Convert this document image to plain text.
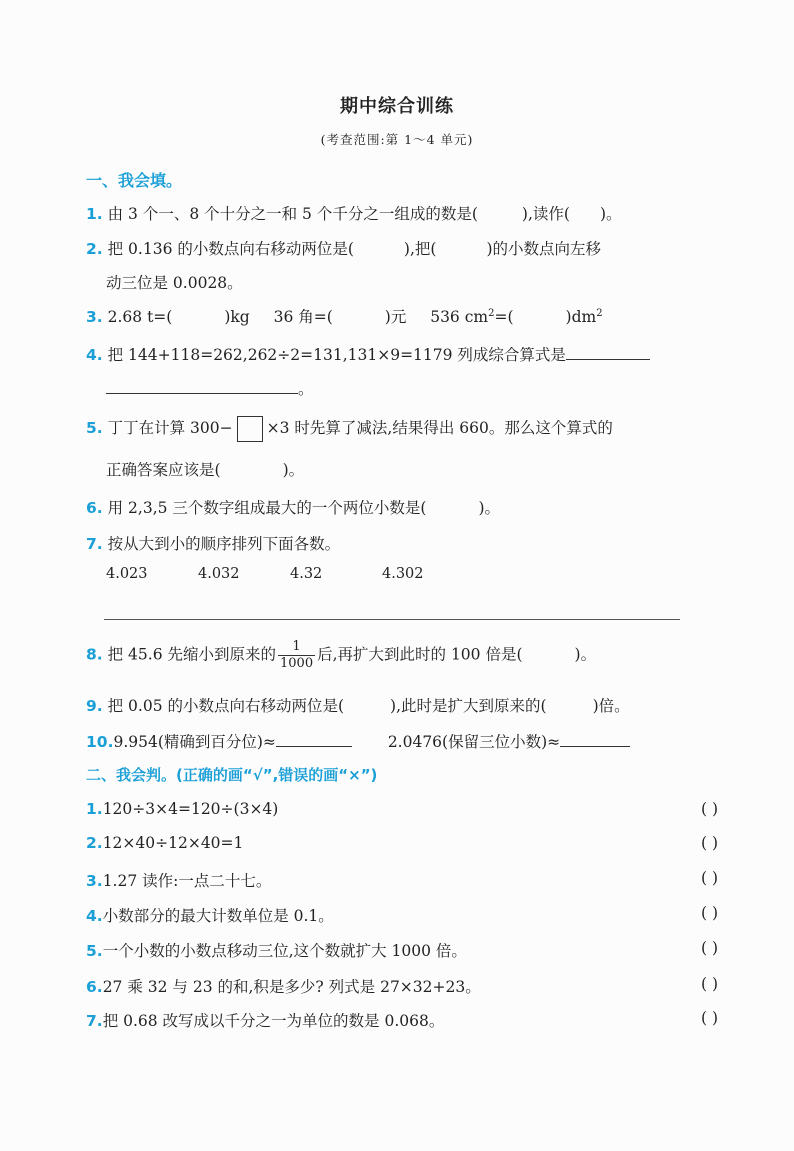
期中综合训练
(考查范围:第 1～4 单元)
一、我会填。
1. 由 3 个一、8 个十分之一和 5 个千分之一组成的数是(	),读作( )。
2. 把 0.136 的小数点向右移动两位是(	),把(	)的小数点向左移
动三位是 0.0028。
3. 2.68 t=(	)kg 36 角=(	)元 536 $cm^2=$(	)$dm^2$
4. 把 144+118=262,262÷2=131,131×9=1179 列成综合算式是
。
5. 丁丁在计算 300− ×3 时先算了减法,结果得出 660。那么这个算式的
正确答案应该是(	)。
6. 用 2,3,5 三个数字组成最大的一个两位小数是(	)。
7. 按从大到小的顺序排列下面各数。
4.023	4.032	4.32	4.302
8. 把 45.6 先缩小到原来的 $\frac{1}{1000}$ 后,再扩大到此时的 100 倍是(	)。
9. 把 0.05 的小数点向右移动两位是(	),此时是扩大到原来的(	)倍。
10.9.954(精确到百分位)≈	2.0476(保留三位小数)≈
二、我会判。(正确的画“√”,错误的画“×”)
1.120÷3×4=120÷(3×4)	( )
2.12×40÷12×40=1	( )
3.1.27 读作:一点二十七。	( )
4.小数部分的最大计数单位是 0.1。	( )
5.一个小数的小数点移动三位,这个数就扩大 1000 倍。	( )
6.27 乘 32 与 23 的和,积是多少? 列式是 27×32+23。	( )
7.把 0.68 改写成以千分之一为单位的数是 0.068。	( )
